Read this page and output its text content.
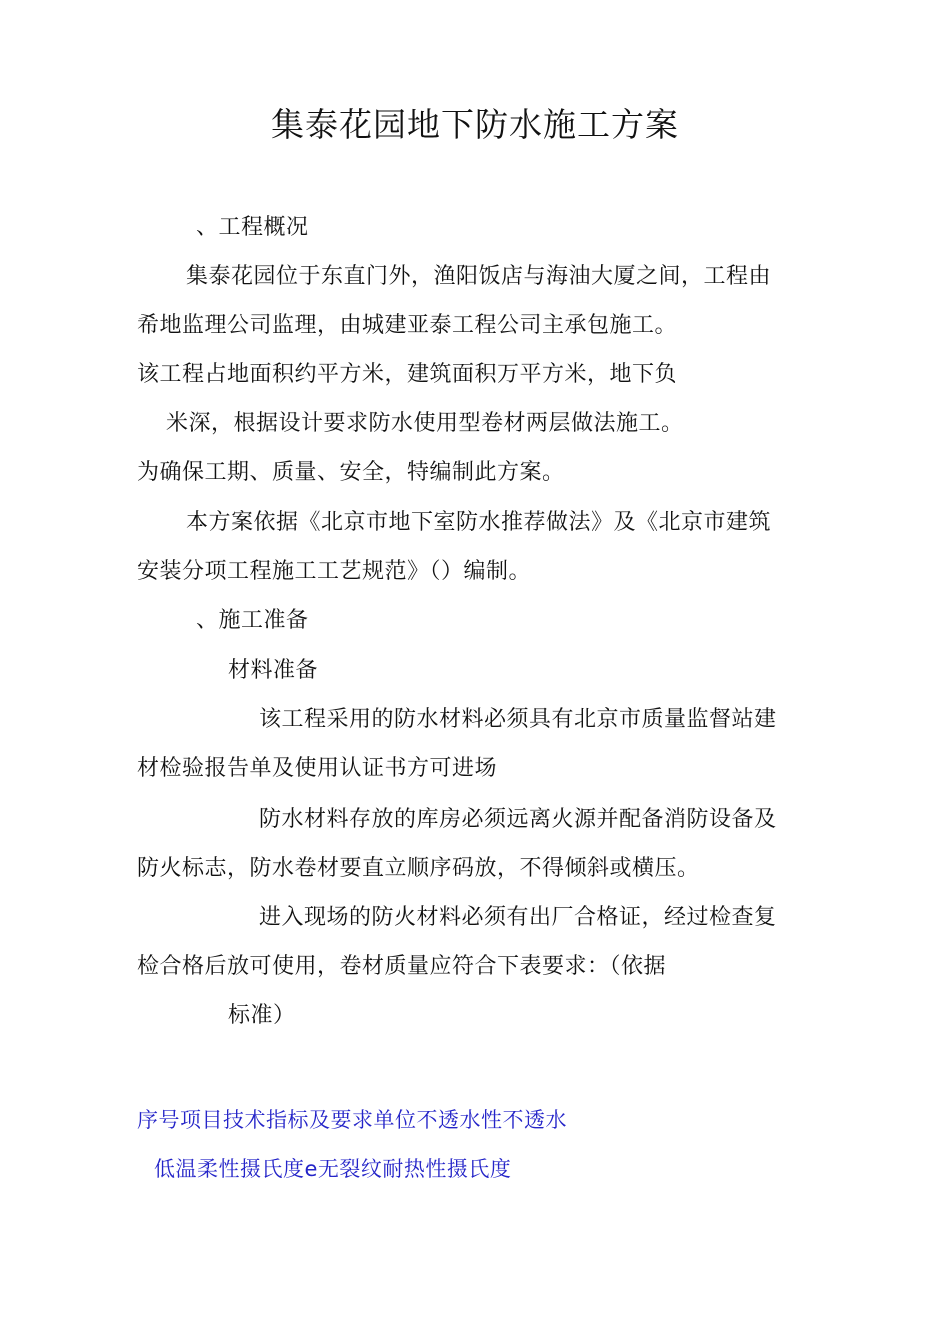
集泰花园地下防水施工方案
、工程概况
集泰花园位于东直门外，渔阳饭店与海油大厦之间，工程由
希地监理公司监理，由城建亚泰工程公司主承包施工。
该工程占地面积约平方米，建筑面积万平方米，地下负
米深，根据设计要求防水使用型卷材两层做法施工。
为确保工期、质量、安全，特编制此方案。
本方案依据《北京市地下室防水推荐做法》及《北京市建筑
安装分项工程施工工艺规范》（）编制。
、施工准备
材料准备
该工程采用的防水材料必须具有北京市质量监督站建
材检验报告单及使用认证书方可进场
防水材料存放的库房必须远离火源并配备消防设备及
防火标志，防水卷材要直立顺序码放，不得倾斜或横压。
进入现场的防火材料必须有出厂合格证，经过检查复
检合格后放可使用，卷材质量应符合下表要求：（依据
标准）
序号项目技术指标及要求单位不透水性不透水
低温柔性摄氏度e无裂纹耐热性摄氏度
